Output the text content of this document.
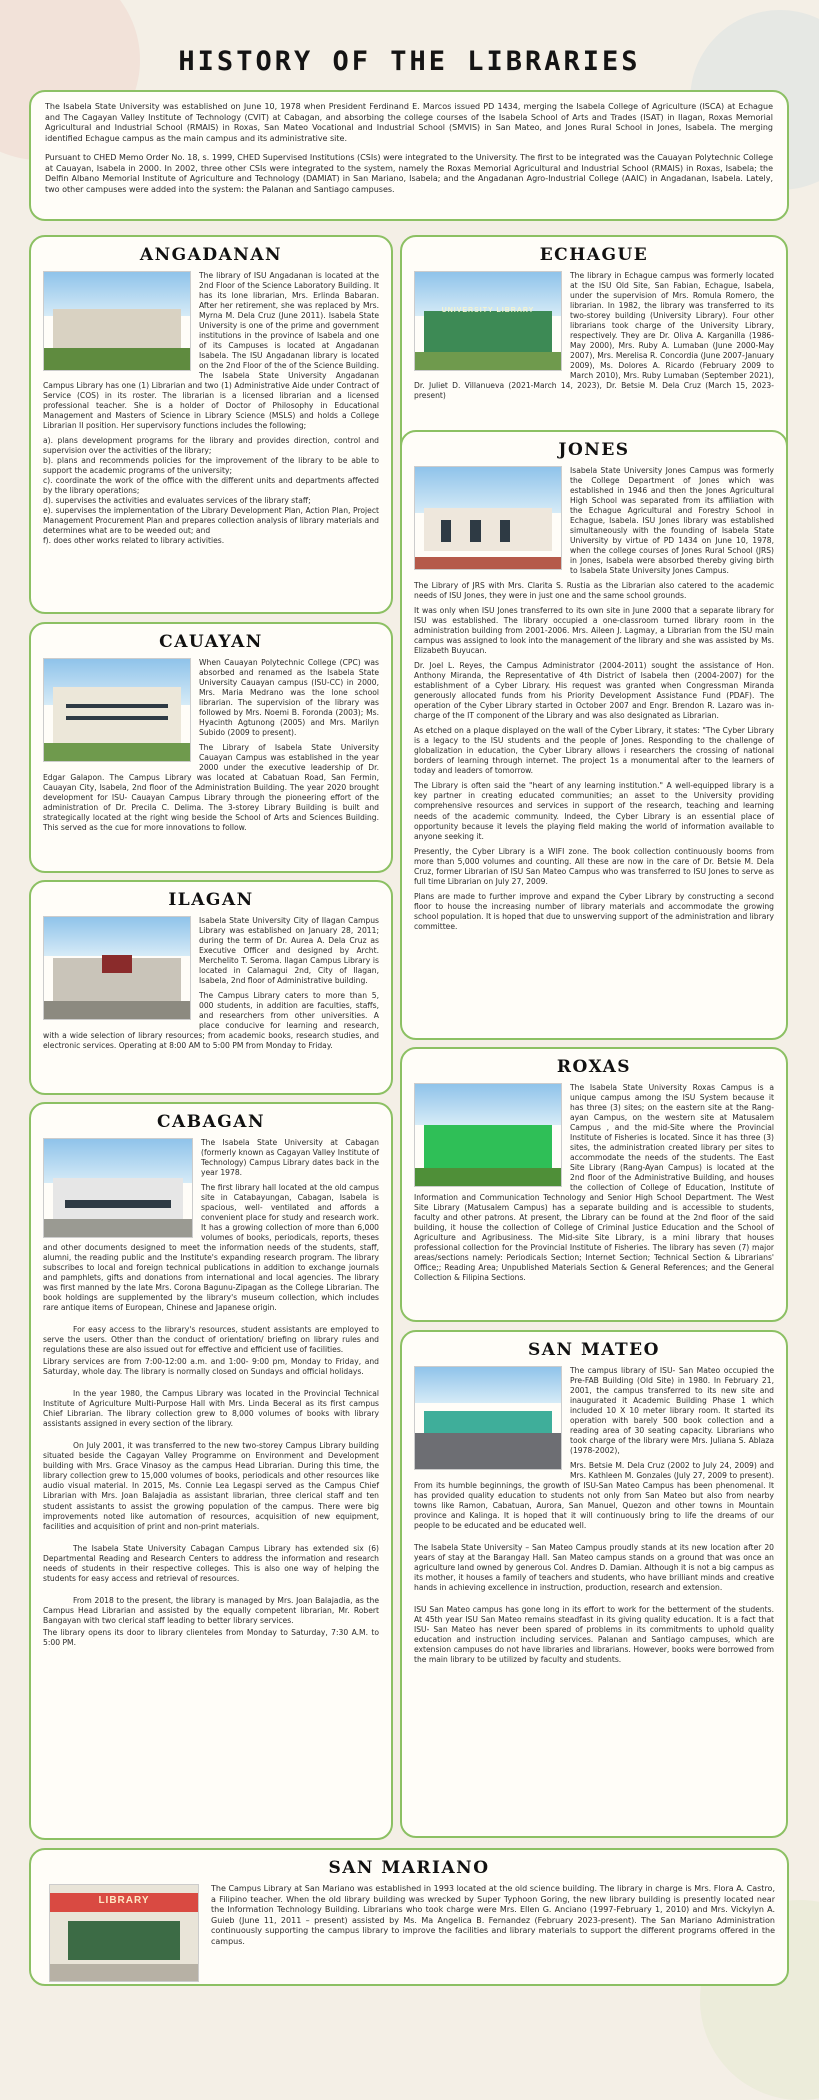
HISTORY OF THE LIBRARIES

The Isabela State University was established on June 10, 1978 when President Ferdinand E. Marcos issued PD 1434, merging the Isabela College of Agriculture (ISCA) at Echague and The Cagayan Valley Institute of Technology (CVIT) at Cabagan, and absorbing the college courses of the Isabela School of Arts and Trades (ISAT) in Ilagan, Roxas Memorial Agricultural and Industrial School (RMAIS) in Roxas, San Mateo Vocational and Industrial School (SMVIS) in San Mateo, and Jones Rural School in Jones, Isabela. The merging identified Echague campus as the main campus and its administrative site.

Pursuant to CHED Memo Order No. 18, s. 1999, CHED Supervised Institutions (CSIs) were integrated to the University. The first to be integrated was the Cauayan Polytechnic College at Cauayan, Isabela in 2000. In 2002, three other CSIs were integrated to the system, namely the Roxas Memorial Agricultural and Industrial School (RMAIS) in Roxas, Isabela; the Delfin Albano Memorial Institute of Agriculture and Technology (DAMIAT) in San Mariano, Isabela; and the Angadanan Agro-Industrial College (AAIC) in Angadanan, Isabela. Lately, two other campuses were added into the system: the Palanan and Santiago campuses.

ANGADANAN

The library of ISU Angadanan is located at the 2nd Floor of the Science Laboratory Building. It has its lone librarian, Mrs. Erlinda Babaran. After her retirement, she was replaced by Mrs. Myrna M. Dela Cruz (June 2011). Isabela State University is one of the prime and government institutions in the province of Isabela and one of its Campuses is located at Angadanan Isabela. The ISU Angadanan library is located on the 2nd Floor of the of the Science Building. The Isabela State University Angadanan Campus Library has one (1) Librarian and two (1) Administrative Aide under Contract of Service (COS) in its roster. The librarian is a licensed librarian and a licensed professional teacher. She is a holder of Doctor of Philosophy in Educational Management and Masters of Science in Library Science (MSLS) and holds a College Librarian II position. Her supervisory functions includes the following;

a). plans development programs for the library and provides direction, control and supervision over the activities of the library;
b). plans and recommends policies for the improvement of the library to be able to support the academic programs of the university;
c). coordinate the work of the office with the different units and departments affected by the library operations;
d). supervises the activities and evaluates services of the library staff;
e). supervises the implementation of the Library Development Plan, Action Plan, Project Management Procurement Plan and prepares collection analysis of library materials and determines what are to be weeded out; and
f). does other works related to library activities.
ECHAGUE
UNIVERSITY LIBRARY

The library in Echague campus was formerly located at the ISU Old Site, San Fabian, Echague, Isabela, under the supervision of Mrs. Romula Romero, the librarian. In 1982, the library was transferred to its two-storey building (University Library). Four other librarians took charge of the University Library, respectively. They are Dr. Oliva A. Karganilla (1986-May 2000), Mrs. Ruby A. Lumaban (June 2000-May 2007), Mrs. Merelisa R. Concordia (June 2007-January 2009), Ms. Dolores A. Ricardo (February 2009 to March 2010), Mrs. Ruby Lumaban (September 2021), Dr. Juliet D. Villanueva (2021-March 14, 2023), Dr. Betsie M. Dela Cruz (March 15, 2023-present)

JONES

Isabela State University Jones Campus was formerly the College Department of Jones which was established in 1946 and then the Jones Agricultural High School was separated from its affiliation with the Echague Agricultural and Forestry School in Echague, Isabela. ISU Jones library was established simultaneously with the founding of Isabela State University by virtue of PD 1434 on June 10, 1978, when the college courses of Jones Rural School (JRS) in Jones, Isabela were absorbed thereby giving birth to Isabela State University Jones Campus.

The Library of JRS with Mrs. Clarita S. Rustia as the Librarian also catered to the academic needs of ISU Jones, they were in just one and the same school grounds.

It was only when ISU Jones transferred to its own site in June 2000 that a separate library for ISU was established. The library occupied a one-classroom turned library room in the administration building from 2001-2006. Mrs. Aileen J. Lagmay, a Librarian from the ISU main campus was assigned to look into the management of the library and she was assisted by Ms. Elizabeth Buyucan.

Dr. Joel L. Reyes, the Campus Administrator (2004-2011) sought the assistance of Hon. Anthony Miranda, the Representative of 4th District of Isabela then (2004-2007) for the establishment of a Cyber Library. His request was granted when Congressman Miranda generously allocated funds from his Priority Development Assistance Fund (PDAF). The operation of the Cyber Library started in October 2007 and Engr. Brendon R. Lazaro was in-charge of the IT component of the Library and was also designated as Librarian.

As etched on a plaque displayed on the wall of the Cyber Library, it states: "The Cyber Library is a legacy to the ISU students and the people of Jones. Responding to the challenge of globalization in education, the Cyber Library allows i researchers the crossing of national borders of learning through internet. The project 1s a monumental after to the learners of today and leaders of tomorrow.

The Library is often said the "heart of any learning institution." A well-equipped library is a key partner in creating educated communities; an asset to the University providing comprehensive resources and services in support of the research, teaching and learning needs of the academic community. Indeed, the Cyber Library is an essential place of opportunity because it levels the playing field making the world of information available to anyone seeking it.

Presently, the Cyber Library is a WIFI zone. The book collection continuously booms from more than 5,000 volumes and counting. All these are now in the care of Dr. Betsie M. Dela Cruz, former Librarian of ISU San Mateo Campus who was transferred to ISU Jones to serve as full time Librarian on July 27, 2009.

Plans are made to further improve and expand the Cyber Library by constructing a second floor to house the increasing number of library materials and accommodate the growing school population. It is hoped that due to unswerving support of the administration and library committee.

CAUAYAN

When Cauayan Polytechnic College (CPC) was absorbed and renamed as the Isabela State University Cauayan campus (ISU-CC) in 2000, Mrs. Maria Medrano was the lone school librarian. The supervision of the library was followed by Mrs. Noemi B. Foronda (2003); Ms. Hyacinth Agtunong (2005) and Mrs. Marilyn Subido (2009 to present).

The Library of Isabela State University Cauayan Campus was established in the year 2000 under the executive leadership of Dr. Edgar Galapon. The Campus Library was located at Cabatuan Road, San Fermin, Cauayan City, Isabela, 2nd floor of the Administration Building. The year 2020 brought development for ISU- Cauayan Campus Library through the pioneering effort of the administration of Dr. Precila C. Delima. The 3-storey Library Building is built and strategically located at the right wing beside the School of Arts and Sciences Building. This served as the cue for more innovations to follow.

ILAGAN

Isabela State University City of Ilagan Campus Library was established on January 28, 2011; during the term of Dr. Aurea A. Dela Cruz as Executive Officer and designed by Archt. Merchelito T. Seroma. Ilagan Campus Library is located in Calamagui 2nd, City of Ilagan, Isabela, 2nd floor of Administrative building.

The Campus Library caters to more than 5, 000 students, in addition are faculties, staffs, and researchers from other universities. A place conducive for learning and research, with a wide selection of library resources; from academic books, research studies, and electronic services. Operating at 8:00 AM to 5:00 PM from Monday to Friday.

CABAGAN

The Isabela State University at Cabagan (formerly known as Cagayan Valley Institute of Technology) Campus Library dates back in the year 1978.

The first library hall located at the old campus site in Catabayungan, Cabagan, Isabela is spacious, well- ventilated and affords a convenient place for study and research work. It has a growing collection of more than 6,000 volumes of books, periodicals, reports, theses and other documents designed to meet the information needs of the students, staff, alumni, the reading public and the Institute's expanding research program. The library subscribes to local and foreign technical publications in addition to exchange journals and pamphlets, gifts and donations from international and local agencies. The library was first manned by the late Mrs. Corona Bagunu-Zipagan as the College Librarian. The book holdings are supplemented by the library's museum collection, which includes rare antique items of European, Chinese and Japanese origin.

For easy access to the library's resources, student assistants are employed to serve the users. Other than the conduct of orientation/ briefing on library rules and regulations these are also issued out for effective and efficient use of facilities.

Library services are from 7:00-12:00 a.m. and 1:00- 9:00 pm, Monday to Friday, and Saturday, whole day. The library is normally closed on Sundays and official holidays.

In the year 1980, the Campus Library was located in the Provincial Technical Institute of Agriculture Multi-Purpose Hall with Mrs. Linda Beceral as its first campus Chief Librarian. The library collection grew to 8,000 volumes of books with library assistants assigned in every section of the library.

On July 2001, it was transferred to the new two-storey Campus Library building situated beside the Cagayan Valley Programme on Environment and Development building with Mrs. Grace Vinasoy as the campus Head Librarian. During this time, the library collection grew to 15,000 volumes of books, periodicals and other resources like audio visual material. In 2015, Ms. Connie Lea Legaspi served as the Campus Chief Librarian with Mrs. Joan Balajadia as assistant librarian, three clerical staff and ten student assistants to assist the growing population of the campus. There were big improvements noted like automation of resources, acquisition of new equipment, facilities and acquisition of print and non-print materials.

The Isabela State University Cabagan Campus Library has extended six (6) Departmental Reading and Research Centers to address the information and research needs of students in their respective colleges. This is also one way of helping the students for easy access and retrieval of resources.

From 2018 to the present, the library is managed by Mrs. Joan Balajadia, as the Campus Head Librarian and assisted by the equally competent librarian, Mr. Robert Bangayan with two clerical staff leading to better library services.

The library opens its door to library clienteles from Monday to Saturday, 7:30 A.M. to 5:00 PM.

ROXAS

The Isabela State University Roxas Campus is a unique campus among the ISU System because it has three (3) sites; on the eastern site at the Rang-ayan Campus, on the western site at Matusalem Campus , and the mid-Site where the Provincial Institute of Fisheries is located. Since it has three (3) sites, the administration created library per sites to accommodate the needs of the students. The East Site Library (Rang-Ayan Campus) is located at the 2nd floor of the Administrative Building, and houses the collection of College of Education, Institute of Information and Communication Technology and Senior High School Department. The West Site Library (Matusalem Campus) has a separate building and is accessible to students, faculty and other patrons. At present, the Library can be found at the 2nd floor of the said building, it house the collection of College of Criminal Justice Education and the School of Agriculture and Agribusiness. The Mid-site Site Library, is a mini library that houses professional collection for the Provincial Institute of Fisheries. The library has seven (7) major areas/sections namely: Periodicals Section; Internet Section; Technical Section & Librarians' Office;; Reading Area; Unpublished Materials Section & General References; and the General Collection & Filipina Sections.

SAN MATEO

The campus library of ISU- San Mateo occupied the Pre-FAB Building (Old Site) in 1980. In February 21, 2001, the campus transferred to its new site and inaugurated it Academic Building Phase 1 which included 10 X 10 meter library room. It started its operation with barely 500 book collection and a reading area of 30 seating capacity. Librarians who took charge of the library were Mrs. Juliana S. Ablaza (1978-2002),

Mrs. Betsie M. Dela Cruz (2002 to July 24, 2009) and Mrs. Kathleen M. Gonzales (July 27, 2009 to present). From its humble beginnings, the growth of ISU-San Mateo Campus has been phenomenal. It has provided quality education to students not only from San Mateo but also from nearby towns like Ramon, Cabatuan, Aurora, San Manuel, Quezon and other towns in Mountain province and Kalinga. It is hoped that it will continuously bring to life the dreams of our people to be educated and be educated well.

The Isabela State University – San Mateo Campus proudly stands at its new location after 20 years of stay at the Barangay Hall. San Mateo campus stands on a ground that was once an agriculture land owned by generous Col. Andres D. Damian. Although it is not a big campus as its mother, it houses a family of teachers and students, who have brilliant minds and creative hands in achieving excellence in instruction, production, research and extension.

ISU San Mateo campus has gone long in its effort to work for the betterment of the students. At 45th year ISU San Mateo remains steadfast in its giving quality education. It is a fact that ISU- San Mateo has never been spared of problems in its commitments to uphold quality education and instruction including services. Palanan and Santiago campuses, which are extension campuses do not have libraries and librarians. However, books were borrowed from the main library to be utilized by faculty and students.

SAN MARIANO
LIBRARY

The Campus Library at San Mariano was established in 1993 located at the old science building. The library in charge is Mrs. Flora A. Castro, a Filipino teacher. When the old library building was wrecked by Super Typhoon Goring, the new library building is presently located near the Information Technology Building. Librarians who took charge were Mrs. Ellen G. Anciano (1997-February 1, 2010) and Mrs. Vickylyn A. Guieb (June 11, 2011 – present) assisted by Ms. Ma Angelica B. Fernandez (February 2023-present). The San Mariano Administration continuously supporting the campus library to improve the facilities and library materials to support the different programs offered in the campus.
